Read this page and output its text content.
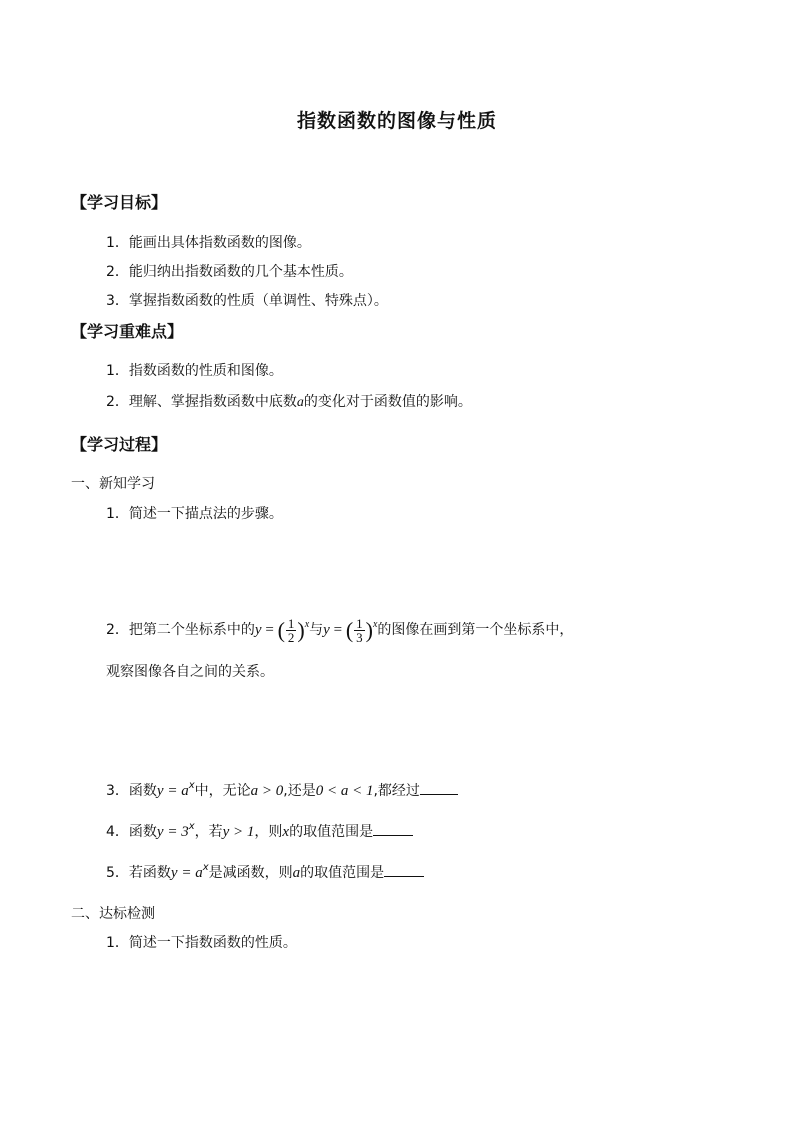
指数函数的图像与性质
【学习目标】
1．能画出具体指数函数的图像。
2．能归纳出指数函数的几个基本性质。
3．掌握指数函数的性质（单调性、特殊点）。
【学习重难点】
1．指数函数的性质和图像。
2．理解、掌握指数函数中底数a的变化对于函数值的影响。
【学习过程】
一、新知学习
1．简述一下描点法的步骤。
2．把第二个坐标系中的y = ( $\frac{1}{2} )^x$与y = ( $\frac{1}{3} )^x$的图像在画到第一个坐标系中，
观察图像各自之间的关系。
3．函数$y = a^x$中，无论a > 0,还是0 < a < 1,都经过
4．函数$y = 3^x$，若y > 1，则x的取值范围是
5．若函数$y = a^x$是减函数，则a的取值范围是
二、达标检测
1．简述一下指数函数的性质。
